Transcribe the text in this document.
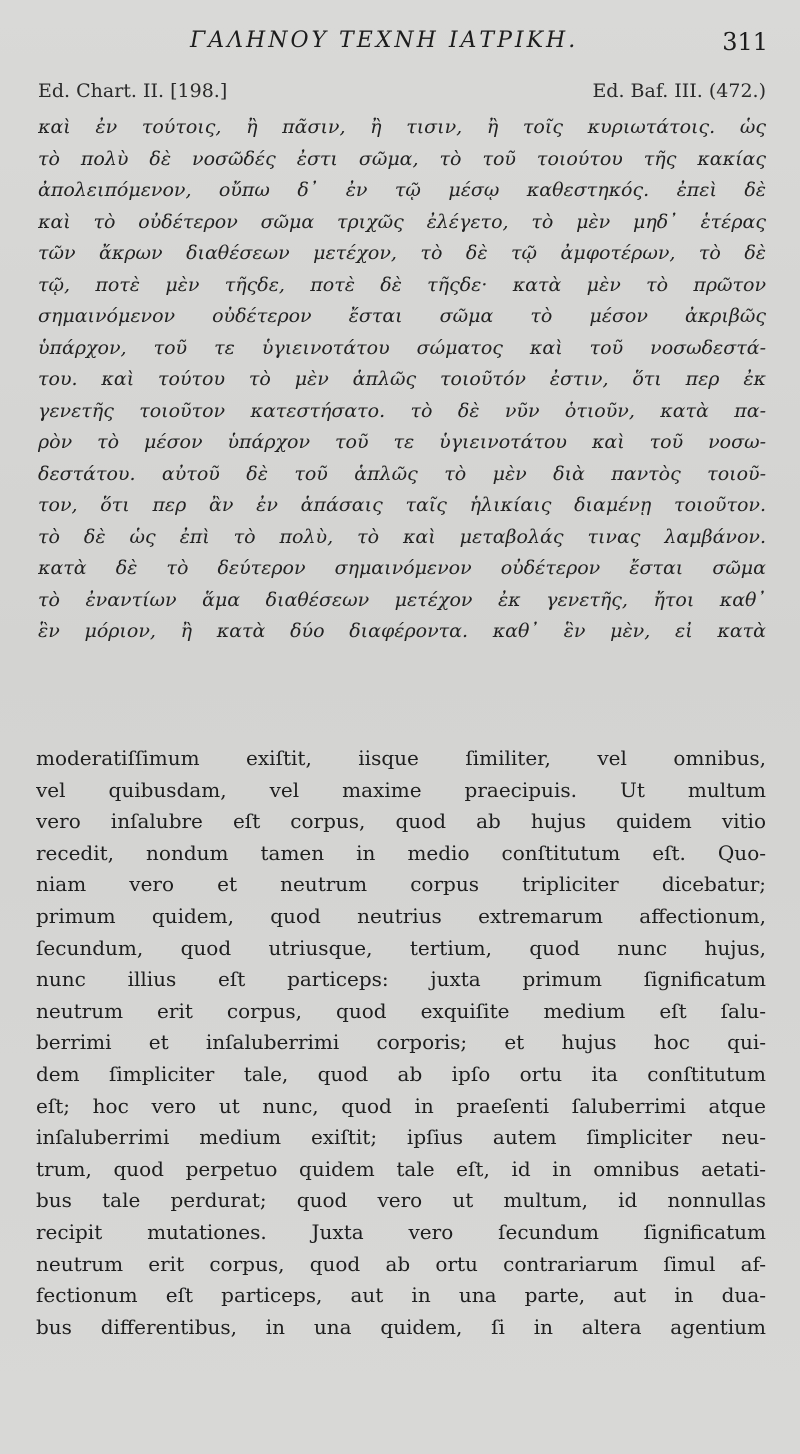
ΓΑΛΗΝΟΥ ΤΕΧΝΗ ΙΑΤΡΙΚΗ.	311
Ed. Chart. II. [198.]	Ed. Baf. III. (472.)
καὶ ἐν τούτοις, ἢ πᾶσιν, ἢ τισιν, ἢ τοῖς κυριωτάτοις. ὡς
τὸ πολὺ δὲ νοσῶδές ἐστι σῶμα, τὸ τοῦ τοιούτου τῆς κακίας
ἀπολειπόμενον, οὔπω δ᾽ ἐν τῷ μέσῳ καθεστηκός. ἐπεὶ δὲ
καὶ τὸ οὐδέτερον σῶμα τριχῶς ἐλέγετο, τὸ μὲν μηδ᾽ ἑτέρας
τῶν ἄκρων διαθέσεων μετέχον, τὸ δὲ τῷ ἀμφοτέρων, τὸ δὲ
τῷ, ποτὲ μὲν τῆςδε, ποτὲ δὲ τῆςδε· κατὰ μὲν τὸ πρῶτον
σημαινόμενον οὐδέτερον ἔσται σῶμα τὸ μέσον ἀκριβῶς
ὑπάρχον, τοῦ τε ὑγιεινοτάτου σώματος καὶ τοῦ νοσωδεστά-
του. καὶ τούτου τὸ μὲν ἁπλῶς τοιοῦτόν ἐστιν, ὅτι περ ἐκ
γενετῆς τοιοῦτον κατεστήσατο. τὸ δὲ νῦν ὁτιοῦν, κατὰ πα-
ρὸν τὸ μέσον ὑπάρχον τοῦ τε ὑγιεινοτάτου καὶ τοῦ νοσω-
δεστάτου. αὐτοῦ δὲ τοῦ ἁπλῶς τὸ μὲν διὰ παντὸς τοιοῦ-
τον, ὅτι περ ἂν ἐν ἁπάσαις ταῖς ἡλικίαις διαμένῃ τοιοῦτον.
τὸ δὲ ὡς ἐπὶ τὸ πολὺ, τὸ καὶ μεταβολάς τινας λαμβάνον.
κατὰ δὲ τὸ δεύτερον σημαινόμενον οὐδέτερον ἔσται σῶμα
τὸ ἐναντίων ἅμα διαθέσεων μετέχον ἐκ γενετῆς, ἤτοι καθ᾽
ἓν μόριον, ἢ κατὰ δύο διαφέροντα. καθ᾽ ἓν μὲν, εἰ κατὰ
moderatiſſimum exiſtit, iisque ſimiliter, vel omnibus,
vel quibusdam, vel maxime praecipuis. Ut multum
vero inſalubre eſt corpus, quod ab hujus quidem vitio
recedit, nondum tamen in medio conſtitutum eſt. Quo-
niam vero et neutrum corpus tripliciter dicebatur;
primum quidem, quod neutrius extremarum affectionum,
ſecundum, quod utriusque, tertium, quod nunc hujus,
nunc illius eſt particeps: juxta primum ſignificatum
neutrum erit corpus, quod exquiſite medium eſt ſalu-
berrimi et inſaluberrimi corporis; et hujus hoc qui-
dem ſimpliciter tale, quod ab ipſo ortu ita conſtitutum
eſt; hoc vero ut nunc, quod in praeſenti ſaluberrimi atque
inſaluberrimi medium exiſtit; ipſius autem ſimpliciter neu-
trum, quod perpetuo quidem tale eſt, id in omnibus aetati-
bus tale perdurat; quod vero ut multum, id nonnullas
recipit mutationes. Juxta vero ſecundum ſignificatum
neutrum erit corpus, quod ab ortu contrariarum ſimul af-
fectionum eſt particeps, aut in una parte, aut in dua-
bus differentibus, in una quidem, ſi in altera agentium
